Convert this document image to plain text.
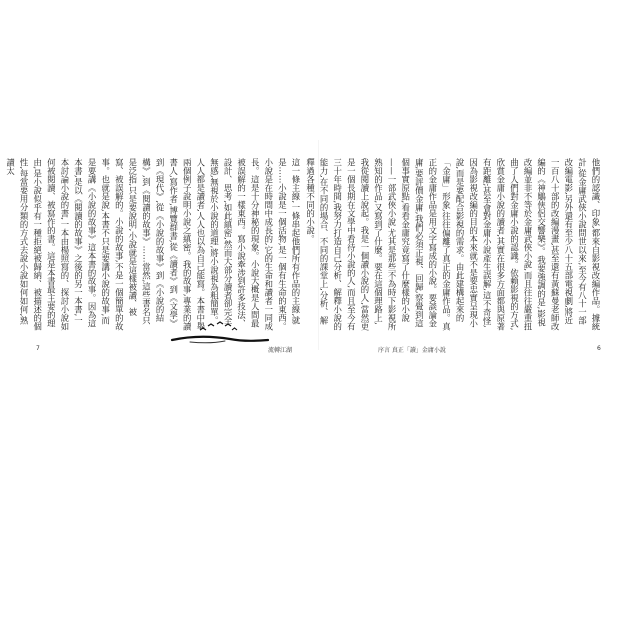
這一條主線,一條串起他們所有作品的主線,就是……小說是一個活物,是一個有生命的東西。小說是在時間中成長的,它的生命和讀者一同成長。這是十分神秘的現象。小說大概是人間最被誤解的一樣東西。寫小說牽涉到許多技法、設計、思考,如此縝密,然而大部分讀者卻完全無感,無視於小說的道理,將小說視為粗簡單。人人都是讀者,人人也以為自己能寫。本書中舉兩個例子說明小說之縝密。我的故事,專業的讀書人,寫作者,博覽群書,從《讀者》到《文學》到《現代》,從《小說的故事》到《小說的結構》,到《閱讀的故事》……當然,這些書名只是泛指,只是要說明,小說就是這樣被讀、被寫、被誤解的。小說的故事,不是一個簡單的故事。也就是說,本書不只是要講小說的故事,而是要講《小說的故事》這本書的故事。因為這本書,是以《閱讀的故事》之後的另一本書,一本討論小說的書,一本由楊照寫的、探討小說如何被閱讀、被寫作的書。這是本書最主要的理由,是小說似乎有一種拒絕被歸納、被描述的個性,每當要用分類的方式去說小說如何如何,熟讀太	他們的認識、印象,都來自影視改編作品。據統計,從金庸武俠小說問世以來,至今有八十一部改編電影,另外還有至少八十五部電視劇,將近一百八十部的改編漫畫,甚至還有黃蘇曼老師改編的《神鵰俠侶交響樂》。我要強調的是,影視改編並非不等於金庸武俠小說,而且往往嚴重扭曲了人們對金庸小說的認識。依賴影視的方式,欣賞金庸小說的讀者,其實在很多方面都與原著有距離;甚至會對金庸小說產生誤解,這不奇怪,因為影視改編的目的本來就不是要忠實呈現小說,而是要配合影視的需求。由此建構起來的「金庸」形象,往往偏離了真正的金庸作品。真正的金庸作品是用文字寫成的小說。要談論金庸,要評價金庸,我們必須正視、回歸,察覺到這個事實原點,看看金庸究竟寫了什麼樣的小說——一部武俠小說,尤其是那些不為時下影視所熟知的作品,又寫到了什麼。要在這個理路上,我從閱讀上說起。我是一個讀小說的人,當然更是一個長期在文學中看待小說的人,而且至今有三十年時間,我努力打造自己分析、解釋小說的能力,在不同的場合、不同的課堂上,分析、解釋過各種不同的小說。
7	流轉江湖	序言 真正「讀」金庸小說	6
